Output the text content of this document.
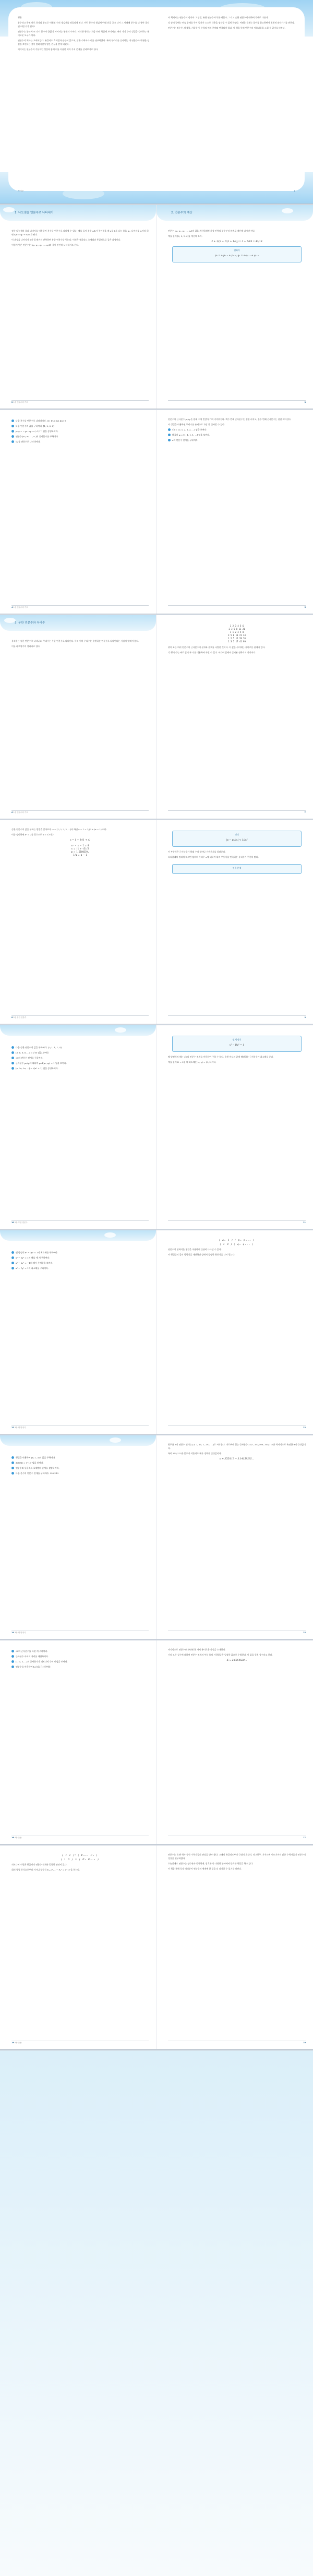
행운

분수라고 하면 바로 분자와 분모로 이뤄진 수의 생김새를 떠올리게 된다. 이런 분수의 생김새 아래 선을 긋고 다시 그 아래에 분수를 더 쌓아 올리면 어떤 수가 될까?

연분수는 분모에 또 다시 분수가 끝없이 이어지는 형태의 수이다. 이러한 형태는 처음 보면 복잡해 보이지만, 여러 가지 수의 성질을 알려주는 흥미로운 도구가 된다.

연분수의 역사는 오래되었다. 유클리드 호제법과 관련이 있으며, 많은 수학자가 이를 연구하였다. 특히 무리수를 근사하는 데 연분수가 탁월한 성질을 보인다는 것이 알려지면서 많은 관심을 받게 되었다.

여기서는 연분수의 기본적인 성질과 함께 이를 이용한 여러 가지 문제를 살펴보기로 한다.

iv 서문

이 책에서는 연분수의 정의와 그 성질, 유한 연분수와 무한 연분수, 그리고 순환 연분수에 대하여 차례로 다룬다.

각 장의 끝에는 연습 문제를 두어 독자가 스스로 내용을 정리할 수 있게 하였다. 어려운 문제는 풀이를 참고하면서 천천히 따라가기를 권한다.

연분수는 정수론, 해석학, 기하학 등 수학의 여러 분야와 연결되어 있다. 이 책을 통해 연분수의 아름다움을 느낄 수 있기를 바란다.

v
1. 나눗셈을 연분수로 나타내기

정수 나눗셈의 몫과 나머지를 이용하여 분수를 연분수로 나타낼 수 있다. 예를 들어 분수 a/b가 주어졌을 때 a를 b로 나눈 몫을 q₀, 나머지를 r₀이라 하면 a/b = q₀ + r₀/b 가 된다.

이 과정을 나머지가 0이 될 때까지 반복하면 유한 연분수를 얻는다. 이것은 유클리드 호제법과 본질적으로 같은 과정이다.

이렇게 얻은 연분수는 [q₀; q₁, q₂, …, qₙ]과 같이 간단히 나타내기도 한다.

2 1장 연분수의 기초
2. 연분수의 계산

연분수 [a₀; a₁, a₂, …, aₙ]의 값을 계산하려면 가장 안쪽의 분수부터 차례로 계산해 나가면 된다.

예를 들어 [2; 3, 1, 4]를 계산해 보자.

2 + 1/(3 + 1/(1 + 1/4)) = 2 + 5/19 = 43/19
점화식
pₙ = aₙpₙ₋₁ + pₙ₋₂, qₙ = aₙqₙ₋₁ + qₙ₋₂
3
다음 분수를 연분수로 나타내어라. (1) 17/5 (2) 43/19
다음 연분수의 값을 구하여라. [1; 2, 3, 4]
pₙqₙ₋₁ − pₙ₋₁qₙ = (−1)ⁿ⁻¹ 임을 증명하여라.
연분수 [a₀; a₁, …, aₙ]의 근사분수를 구하여라.
√2를 연분수로 나타내어라.
4 1장 연분수의 기초

연분수의 근사분수 pₙ/qₙ은 원래 수에 번갈아 가며 가까워진다. 짝수 번째 근사분수는 점점 커지고, 홀수 번째 근사분수는 점점 작아진다.

이 성질을 이용하면 무리수를 유리수로 가장 잘 근사할 수 있다.

√3 = [1; 1, 2, 1, 2, …] 임을 보여라.
황금비 φ = [1; 1, 1, 1, …] 임을 보여라.
e의 연분수 전개를 구하여라.
5
3. 무한 연분수와 무리수

유리수는 유한 연분수로 나타나고, 무리수는 무한 연분수로 나타난다. 특히 이차 무리수는 순환하는 연분수로 나타난다는 사실이 알려져 있다.

이를 라그랑주의 정리라고 한다.

6 1장 연분수의 기초
1 2 3 4 5 6
2 3 5 8 13 21
1 1 2 3 5 8
3 5 8 13 21 34
1 2 5 12 29 70
1 3 7 17 41 99

위의 표는 여러 연분수의 근사분수의 분자와 분모를 나열한 것이다. 이 값들 사이에는 흥미로운 관계가 있다.

각 행의 수는 바로 앞의 두 수를 이용하여 구할 수 있다. 이것이 앞에서 살펴본 점화식의 의미이다.

7

순환 연분수의 값을 구하는 방법을 알아보자. x = [1; 2, 2, 2, …]라 하면 x − 1 = 1/(2 + (x − 1))이다.

이를 정리하면 x² = 2를 얻으므로 x = √2이다.

x = 1 + 1/(1 + x)
x² − x − 1 = 0
x = (1 + √5)/2
φ ≈ 1.6180339…
1/φ = φ − 1
8 2장 무한 연분수
정리
|α − pₙ/qₙ| < 1/qₙ²

이 부등식은 근사분수가 원래 수에 얼마나 가까운지를 알려준다.

디리클레의 정리에 따르면 임의의 무리수 α에 대하여 위의 부등식을 만족하는 유리수가 무한히 많다.

연습 문제
9
다음 순환 연분수의 값을 구하여라. [2; 1, 1, 1, 4]
[3; 6, 6, 6, …] = √10 임을 보여라.
√7의 연분수 전개를 구하여라.
근사분수 pₙ/qₙ에 대하여 gcd(pₙ, qₙ) = 1 임을 보여라.
[a; 2a, 2a, …] = √(a² + 1) 임을 증명하여라.
10 2장 무한 연분수
펠 방정식
x² − Dy² = 1

펠 방정식의 해는 √D의 연분수 전개를 이용하여 구할 수 있다. 순환 마디의 끝에 해당하는 근사분수가 최소해를 준다.

예를 들어 D = 2일 때 최소해는 (x, y) = (3, 2)이다.

11
펠 방정식 x² − 3y² = 1의 최소해를 구하여라.
x² − 5y² = 1의 해를 세 개 구하여라.
x² − 2y² = −1의 해가 존재함을 보여라.
x² − 7y² = 1의 최소해를 구하여라.
12 3장 펠 방정식
( aₙ 1 ) ( pₙ pₙ₋₁ )
( 1 0 ) ( qₙ qₙ₋₁ )

연분수의 점화식은 행렬을 이용하여 간단히 나타낼 수 있다.

이 행렬들의 곱의 행렬식을 계산하면 앞에서 증명한 항등식을 다시 얻는다.

13
행렬을 이용하여 [1; 2, 3]의 값을 구하여라.
det(M) = (−1)ⁿ 임을 보여라.
연분수와 유클리드 호제법의 관계를 설명하여라.
다음 분수의 연분수 전개를 구하여라. 355/113
14 3장 펠 방정식

원주율 π의 연분수 전개는 [3; 7, 15, 1, 292, …]로 시작한다. 이로부터 얻는 근사분수 22/7, 333/106, 355/113은 역사적으로 유명한 π의 근삿값이다.

특히 355/113은 분모가 작은데도 매우 정확한 근삿값이다.

π ≈ 355/113 = 3.14159292…
15
√2의 근사분수를 다섯 개 구하여라.
근사분수 사이의 거리를 계산하여라.
[1; 1, 1, …]의 근사분수가 피보나치 수의 비임을 보여라.
연분수를 이용하여 1/√3을 근사하여라.
16 4장 응용

마지막으로 연분수와 관련된 몇 가지 흥미로운 사실을 소개한다.

거의 모든 실수에 대하여 연분수 전개의 부분 몫의 기하평균은 일정한 값으로 수렴한다. 이 값을 힌친 상수라고 한다.

K ≈ 2.6854520…
17
( 1 1 )ⁿ ( Fₙ₊₁ Fₙ )
( 1 0 ) = ( Fₙ Fₙ₋₁ )

피보나치 수열은 황금비의 연분수 전개와 밀접한 관련이 있다.

위의 행렬 등식으로부터 카시니 항등식 Fₙ₊₁Fₙ₋₁ − Fₙ² = (−1)ⁿ을 얻는다.

18 4장 응용

연분수는 오랜 역사 동안 수학자들의 관심을 받아 왔다. 고대의 유클리드부터 근대의 오일러, 라그랑주, 가우스에 이르기까지 많은 수학자들이 연분수의 성질을 연구하였다.

오늘날에도 연분수는 정수론과 동역학계, 암호론 등 다양한 분야에서 중요한 역할을 하고 있다.

이 책을 통해 독자 여러분이 연분수의 세계에 한 걸음 더 다가갈 수 있기를 바란다.

19
